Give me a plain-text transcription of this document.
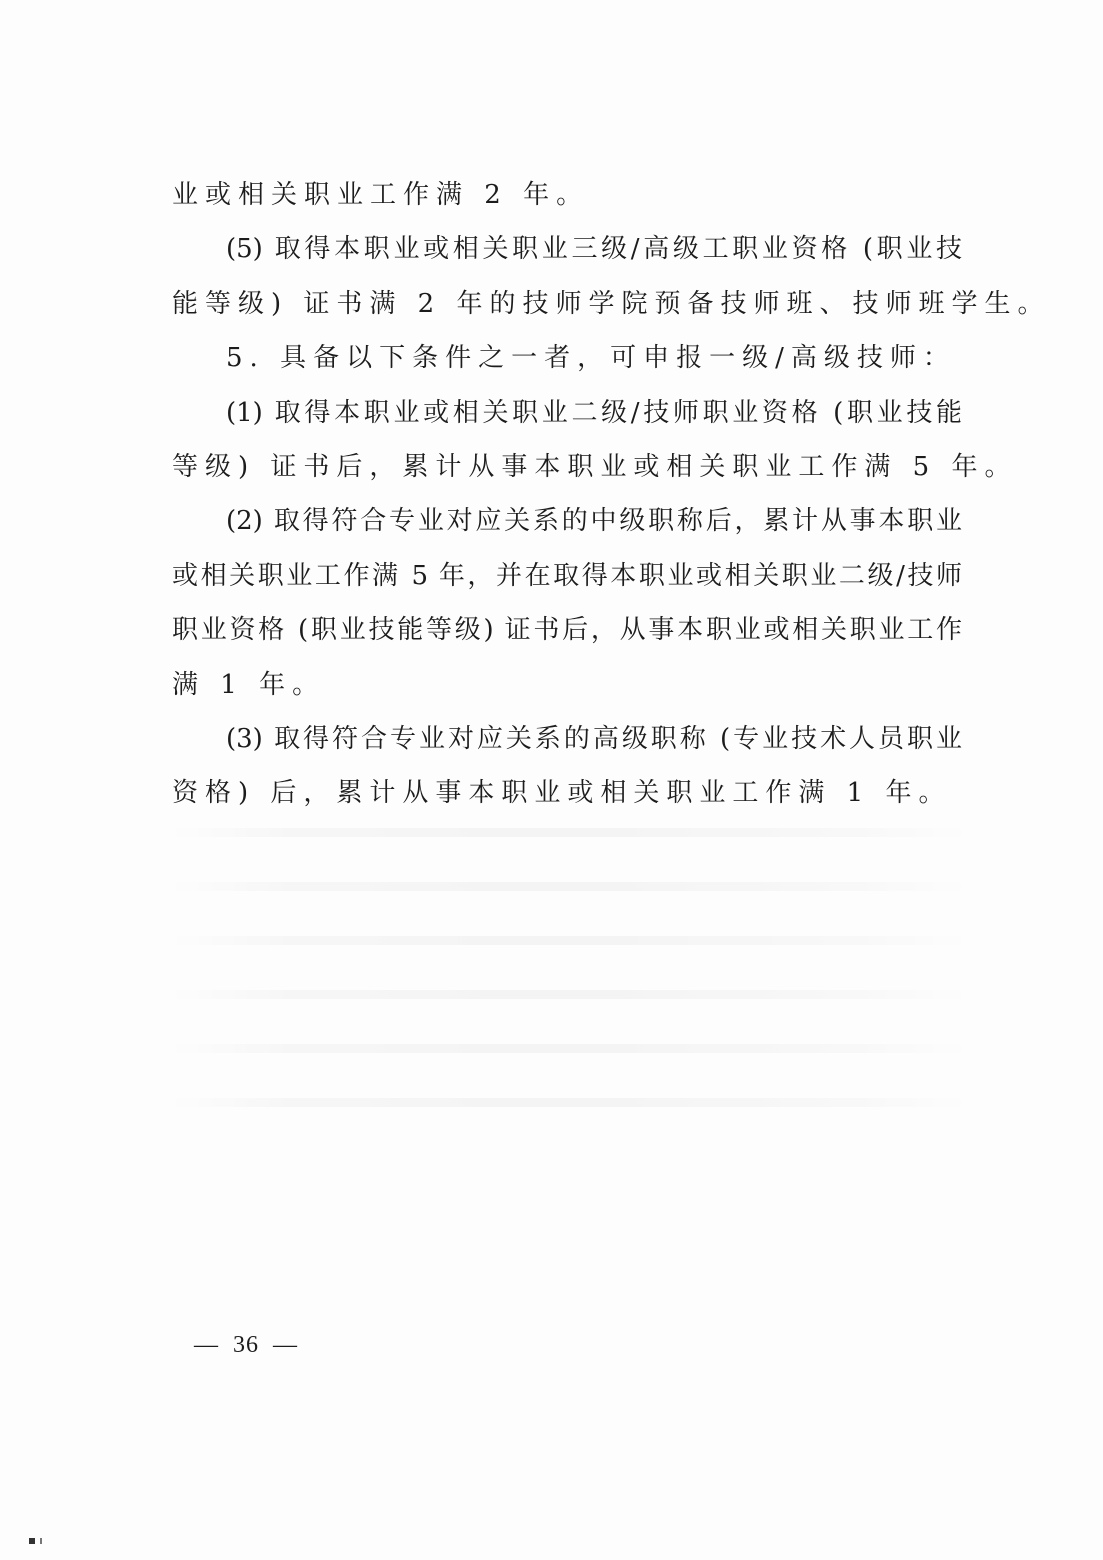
业或相关职业工作满 2 年。
(5) 取得本职业或相关职业三级/高级工职业资格 (职业技
能等级) 证书满 2 年的技师学院预备技师班、技师班学生。
5. 具备以下条件之一者，可申报一级/高级技师：
(1) 取得本职业或相关职业二级/技师职业资格 (职业技能
等级) 证书后，累计从事本职业或相关职业工作满 5 年。
(2) 取得符合专业对应关系的中级职称后，累计从事本职业
或相关职业工作满 5 年，并在取得本职业或相关职业二级/技师
职业资格 (职业技能等级) 证书后，从事本职业或相关职业工作
满 1 年。
(3) 取得符合专业对应关系的高级职称 (专业技术人员职业
资格) 后，累计从事本职业或相关职业工作满 1 年。
—  36  —
